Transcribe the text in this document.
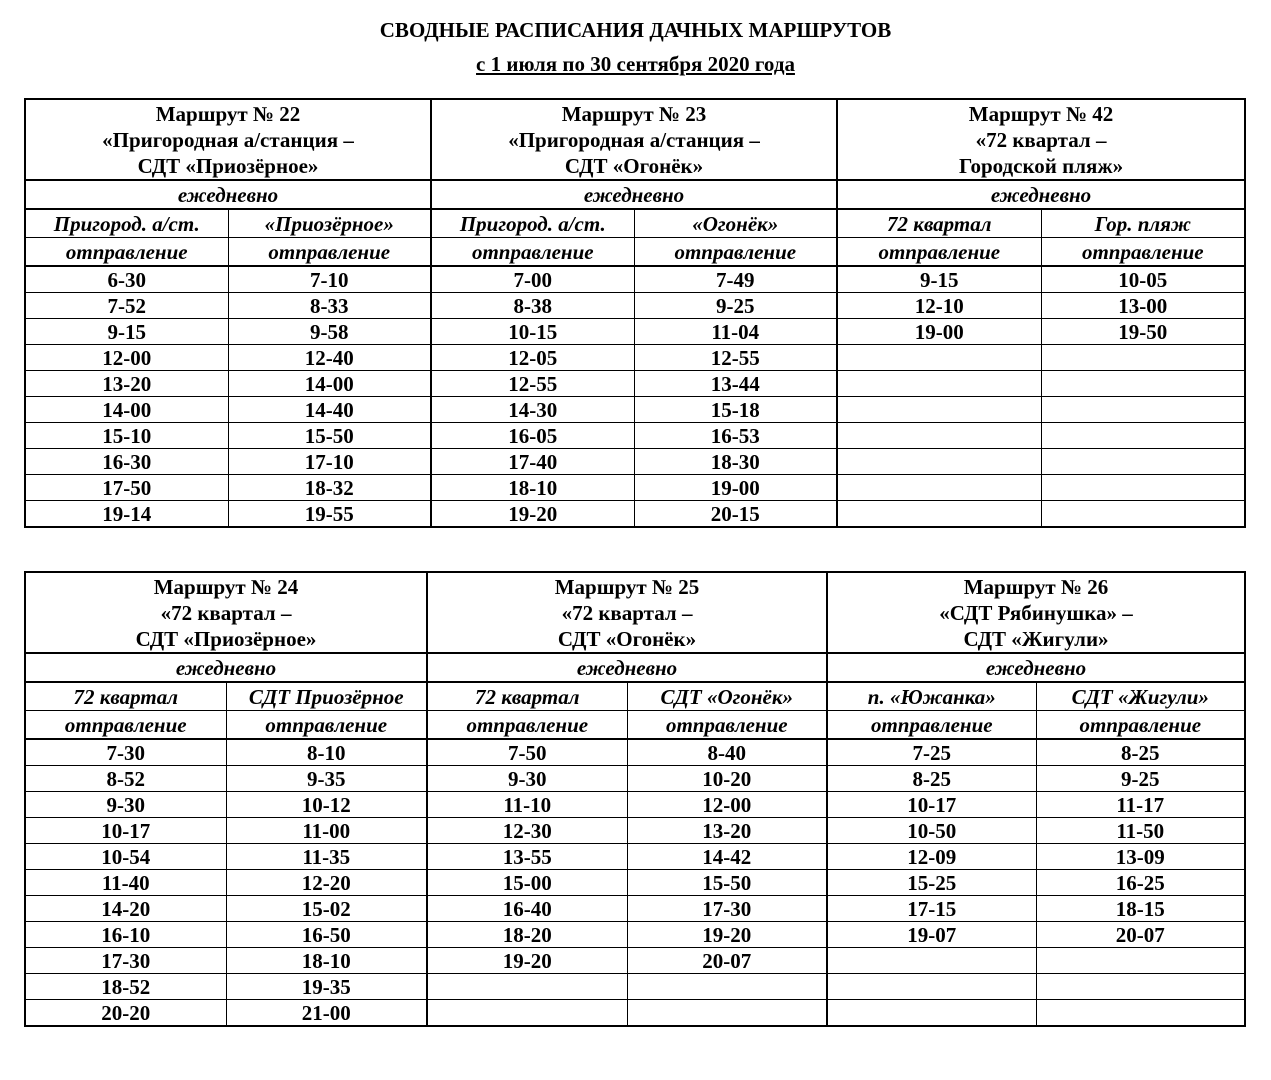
СВОДНЫЕ РАСПИСАНИЯ ДАЧНЫХ МАРШРУТОВ
с 1 июля по 30 сентября 2020 года
Маршрут № 22
«Пригородная а/станция –
СДТ «Приозёрное»		Маршрут № 23
«Пригородная а/станция –
СДТ «Огонёк»		Маршрут № 42
«72 квартал –
Городской пляж»	

ежедневно		ежедневно		ежедневно	
Пригород. а/ст.	«Приозёрное»	Пригород. а/ст.	«Огонёк»	72 квартал	Гор. пляж
отправление	отправление	отправление	отправление	отправление	отправление
6-30	7-10	7-00	7-49	9-15	10-05
7-52	8-33	8-38	9-25	12-10	13-00
9-15	9-58	10-15	11-04	19-00	19-50
12-00	12-40	12-05	12-55		
13-20	14-00	12-55	13-44		
14-00	14-40	14-30	15-18		
15-10	15-50	16-05	16-53		
16-30	17-10	17-40	18-30		
17-50	18-32	18-10	19-00		
19-14	19-55	19-20	20-15		
Маршрут № 24
«72 квартал –
СДТ «Приозёрное»		Маршрут № 25
«72 квартал –
СДТ «Огонёк»		Маршрут № 26
«СДТ Рябинушка» –
СДТ «Жигули»	

ежедневно		ежедневно		ежедневно	
72 квартал	СДТ Приозёрное	72 квартал	СДТ «Огонёк»	п. «Южанка»	СДТ «Жигули»
отправление	отправление	отправление	отправление	отправление	отправление
7-30	8-10	7-50	8-40	7-25	8-25
8-52	9-35	9-30	10-20	8-25	9-25
9-30	10-12	11-10	12-00	10-17	11-17
10-17	11-00	12-30	13-20	10-50	11-50
10-54	11-35	13-55	14-42	12-09	13-09
11-40	12-20	15-00	15-50	15-25	16-25
14-20	15-02	16-40	17-30	17-15	18-15
16-10	16-50	18-20	19-20	19-07	20-07
17-30	18-10	19-20	20-07		
18-52	19-35				
20-20	21-00				
